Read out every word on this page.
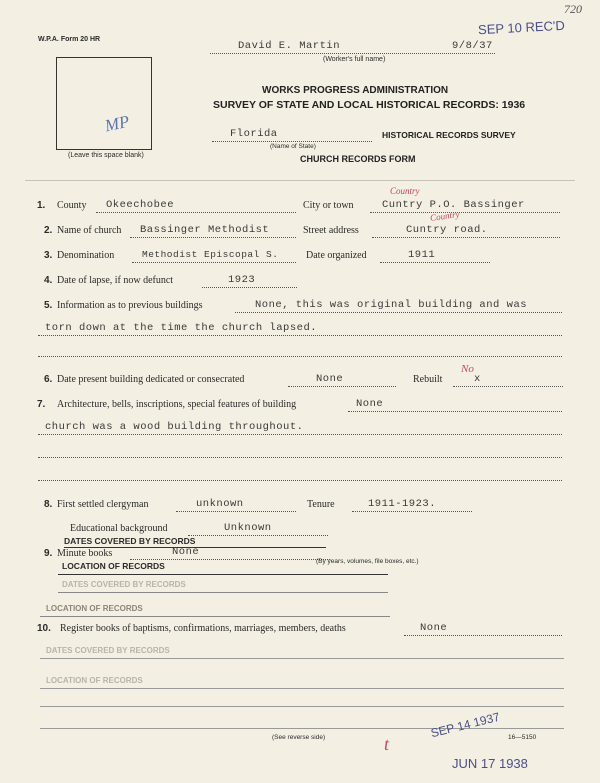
W.P.A. Form 20 HR
SEP 10 REC'D
720
David E. Martin	9/8/37
(Worker's full name)
MP
(Leave this space blank)
WORKS PROGRESS ADMINISTRATION
SURVEY OF STATE AND LOCAL HISTORICAL RECORDS: 1936
Florida
(Name of State)
HISTORICAL RECORDS SURVEY
CHURCH RECORDS FORM
1. County Okeechobee	City or town	Cuntry P.O. Bassinger
Country
2. Name of church Bassinger Methodist	Street address	Cuntry road.
Country
3. Denomination	Methodist Episcopal S.	Date organized	1911
4. Date of lapse, if now defunct	1923
5. Information as to previous buildings	None, this was original building and was
torn down at the time the church lapsed.
6. Date present building dedicated or consecrated	None	Rebuilt	x
No
7. Architecture, bells, inscriptions, special features of building	None
church was a wood building throughout.
8. First settled clergyman	unknown	Tenure	1911-1923.
Educational background	Unknown
DATES COVERED BY RECORDS
9. Minute books	None
(By years, volumes, file boxes, etc.)
LOCATION OF RECORDS
DATES COVERED BY RECORDS
LOCATION OF RECORDS
10. Register books of baptisms, confirmations, marriages, members, deaths	None
DATES COVERED BY RECORDS
LOCATION OF RECORDS
(See reverse side)	16—5150
SEP 14 1937
JUN 17 1938
t
